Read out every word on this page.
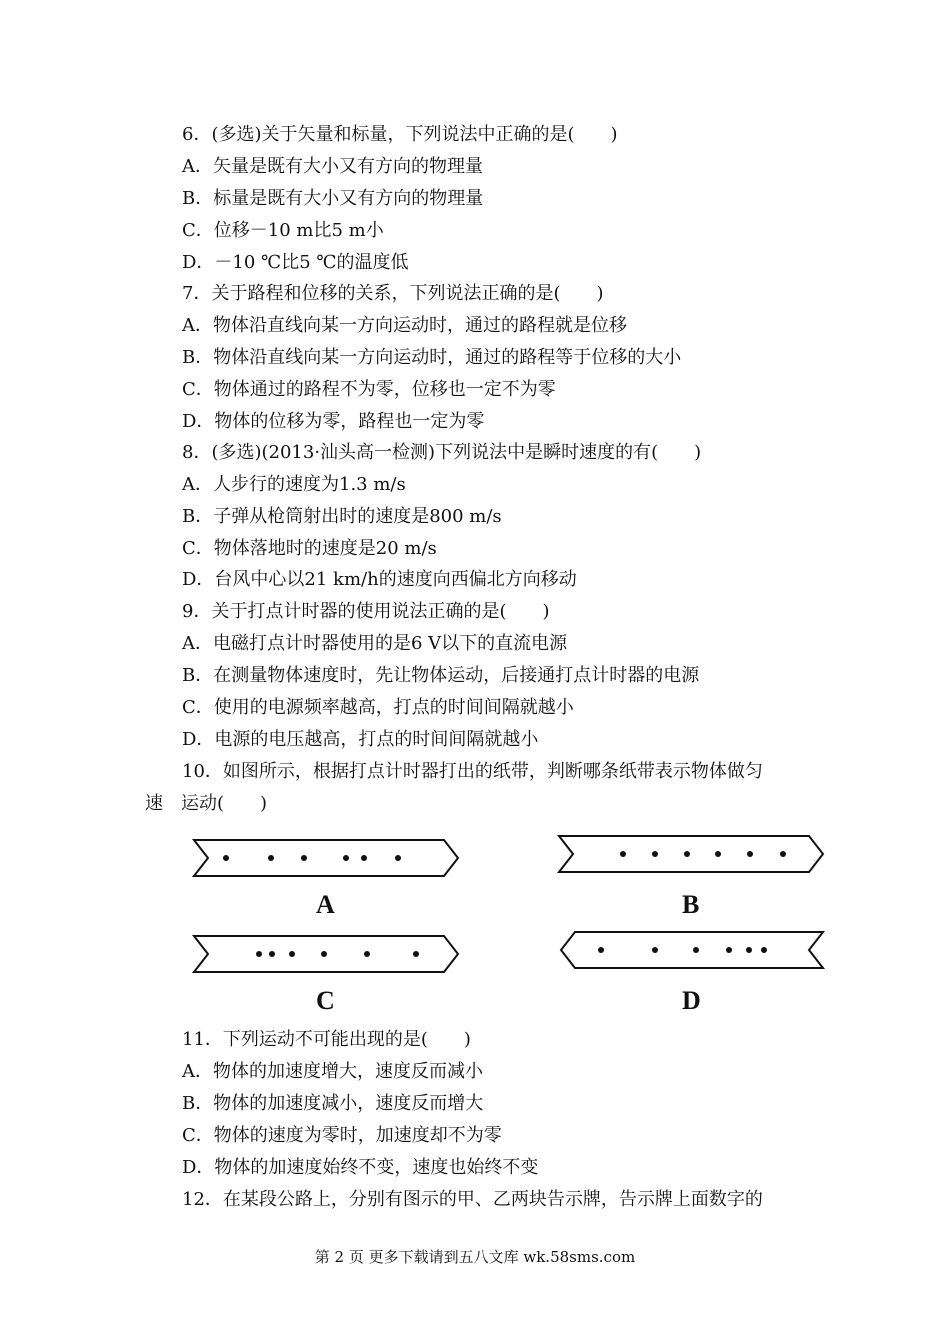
6．(多选)关于矢量和标量，下列说法中正确的是(　　)
A．矢量是既有大小又有方向的物理量
B．标量是既有大小又有方向的物理量
C．位移－10 m比5 m小
D．－10 ℃比5 ℃的温度低
7．关于路程和位移的关系，下列说法正确的是(　　)
A．物体沿直线向某一方向运动时，通过的路程就是位移
B．物体沿直线向某一方向运动时，通过的路程等于位移的大小
C．物体通过的路程不为零，位移也一定不为零
D．物体的位移为零，路程也一定为零
8．(多选)(2013·汕头高一检测)下列说法中是瞬时速度的有(　　)
A．人步行的速度为1.3 m/s
B．子弹从枪筒射出时的速度是800 m/s
C．物体落地时的速度是20 m/s
D．台风中心以21 km/h的速度向西偏北方向移动
9．关于打点计时器的使用说法正确的是(　　)
A．电磁打点计时器使用的是6 V以下的直流电源
B．在测量物体速度时，先让物体运动，后接通打点计时器的电源
C．使用的电源频率越高，打点的时间间隔就越小
D．电源的电压越高，打点的时间间隔就越小
10．如图所示，根据打点计时器打出的纸带，判断哪条纸带表示物体做匀
速　运动(　　)
A	B
C	D
11．下列运动不可能出现的是(　　)
A．物体的加速度增大，速度反而减小
B．物体的加速度减小，速度反而增大
C．物体的速度为零时，加速度却不为零
D．物体的加速度始终不变，速度也始终不变
12．在某段公路上，分别有图示的甲、乙两块告示牌，告示牌上面数字的
第 2 页 更多下载请到五八文库 wk.58sms.com
